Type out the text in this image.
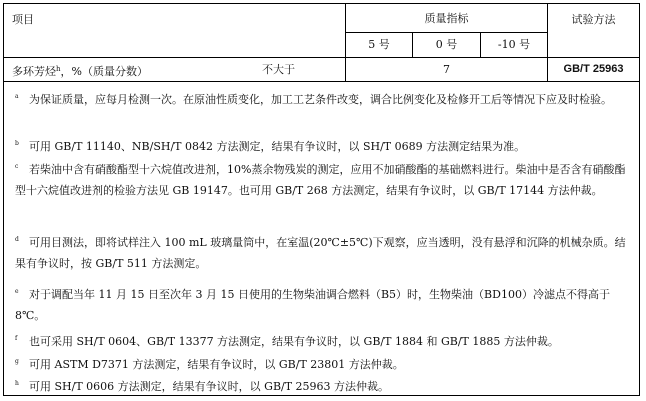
项目	质量指标	试验方法
5 号	0 号	-10 号
多环芳烃$^h$，%（质量分数）	不大于	7	GB/T 25963
a 为保证质量，应每月检测一次。在原油性质变化，加工工艺条件改变，调合比例变化及检修开工后等情况下应及时检验。
b 可用 GB/T 11140、NB/SH/T 0842 方法测定，结果有争议时，以 SH/T 0689 方法测定结果为准。
c 若柴油中含有硝酸酯型十六烷值改进剂，10%蒸余物残炭的测定，应用不加硝酸酯的基础燃料进行。柴油中是否含有硝酸酯型十六烷值改进剂的检验方法见 GB 19147。也可用 GB/T 268 方法测定，结果有争议时，以 GB/T 17144 方法仲裁。
d 可用目测法，即将试样注入 100 mL 玻璃量筒中，在室温(20℃±5℃)下观察，应当透明，没有悬浮和沉降的机械杂质。结果有争议时，按 GB/T 511 方法测定。
e 对于调配当年 11 月 15 日至次年 3 月 15 日使用的生物柴油调合燃料（B5）时，生物柴油（BD100）冷滤点不得高于 8℃。
f 也可采用 SH/T 0604、GB/T 13377 方法测定，结果有争议时，以 GB/T 1884 和 GB/T 1885 方法仲裁。
g 可用 ASTM D7371 方法测定，结果有争议时，以 GB/T 23801 方法仲裁。
h 可用 SH/T 0606 方法测定，结果有争议时，以 GB/T 25963 方法仲裁。
